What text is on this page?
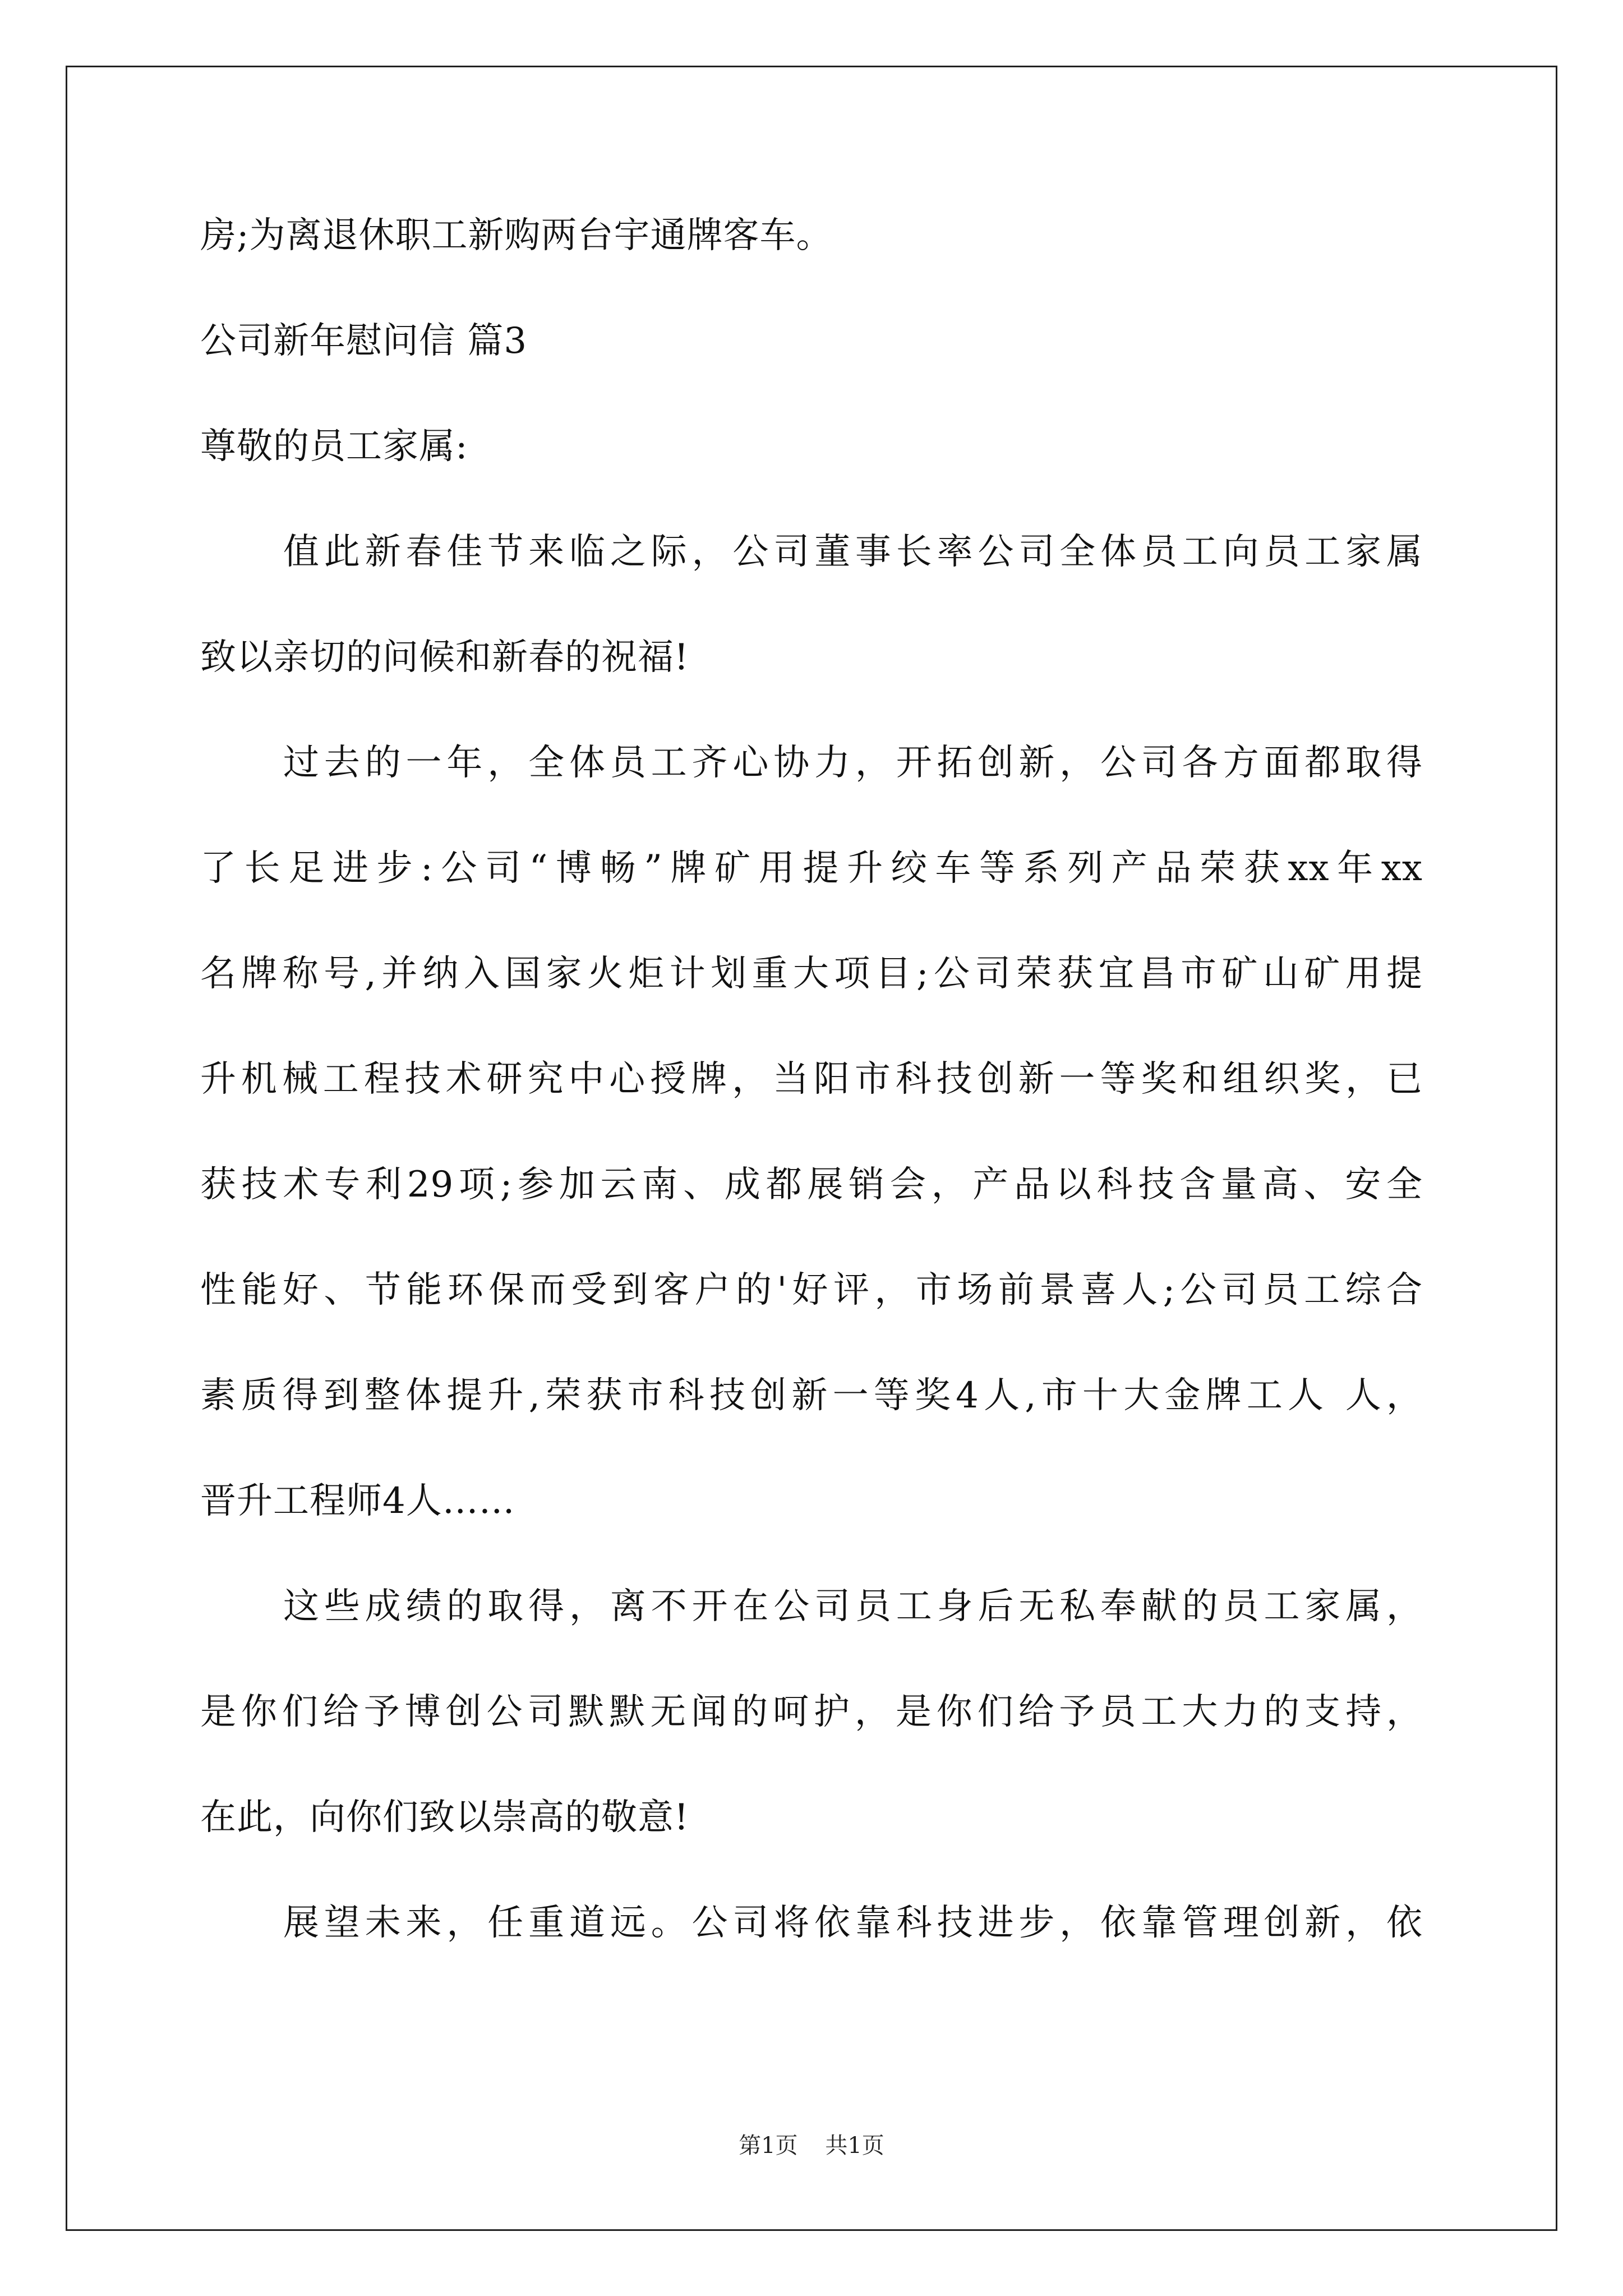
房;为离退休职工新购两台宇通牌客车。
公司新年慰问信 篇3
尊敬的员工家属:
值此新春佳节来临之际，公司董事长率公司全体员工向员工家属
致以亲切的问候和新春的祝福!
过去的一年，全体员工齐心协力，开拓创新，公司各方面都取得
了长足进步:公司“博畅”牌矿用提升绞车等系列产品荣获xx年xx
名牌称号,并纳入国家火炬计划重大项目;公司荣获宜昌市矿山矿用提
升机械工程技术研究中心授牌，当阳市科技创新一等奖和组织奖，已
获技术专利29项;参加云南、成都展销会，产品以科技含量高、安全
性能好、节能环保而受到客户的'好评，市场前景喜人;公司员工综合
素质得到整体提升,荣获市科技创新一等奖4人,市十大金牌工人 人，
晋升工程师4人……
这些成绩的取得，离不开在公司员工身后无私奉献的员工家属，
是你们给予博创公司默默无闻的呵护，是你们给予员工大力的支持，
在此，向你们致以崇高的敬意!
展望未来，任重道远。公司将依靠科技进步，依靠管理创新，依
第1页 共1页
